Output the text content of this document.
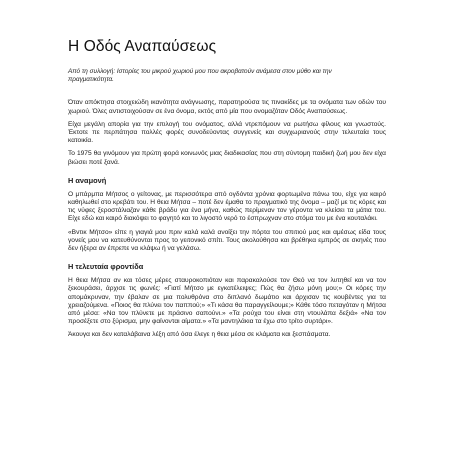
Η Οδός Αναπαύσεως
Από τη συλλογή: Ιστορίες του μικρού χωριού μου που ακροβατούν ανάμεσα στον μύθο και την πραγματικότητα.

Όταν απόκτησα στοιχειώδη ικανότητα ανάγνωσης, παρατηρούσα τις πινακίδες με τα ονόματα των οδών του χωριού. Όλες αντιστοιχούσαν σε ένα όνομα, εκτός από μία που ονομαζόταν Οδός Αναπαύσεως.

Είχα μεγάλη απορία για την επιλογή του ονόματος, αλλά ντρεπόμουν να ρωτήσω φίλους και γνωστούς. Έκτοτε πε περπάτησα πολλές φορές συνοδεύοντας συγγενείς και συγχωριανούς στην τελευταία τους κατοικία.

Το 1975 θα γινόμουν για πρώτη φορά κοινωνός μιας διαδικασίας που στη σύντομη παιδική ζωή μου δεν είχα βιώσει ποτέ ξανά.

Η αναμονή

Ο μπάρμπα Μήτσος ο γείτονας, με περισσότερα από ογδόντα χρόνια φορτωμένα πάνω του, είχε για καιρό καθηλωθεί στο κρεβάτι του. Η θεια Μήτσα – ποτέ δεν έμαθα το πραγματικό της όνομα – μαζί με τις κόρες και τις νύφες ξεροστάλιαζαν κάθε βράδυ για ένα μήνα, καθώς περίμεναν τον γέροντα να κλείσει τα μάτια του. Είχε εδώ και καιρό διακόψει το φαγητό και το λιγοστό νερό το έσπρωχναν στο στόμα του με ένα κουταλάκι.

«Βντικ Μήτσο» είπε η γιαγιά μου πριν καλά καλά ανοίξει την πόρτα του σπιτιού μας και αμέσως είδα τους γονείς μου να κατευθύνονται προς το γειτονικό σπίτι. Τους ακολούθησα και βρέθηκα εμπρός σε σκηνές που δεν ήξερα αν έπρεπε να κλάψω ή να γελάσω.

Η τελευταία φροντίδα

Η θεια Μήτσα αν και τόσες μέρες σταυροκοπιόταν και παρακαλούσε τον Θεό να τον λυτηθεί και να τον ξεκουράσει, άρχισε τις φωνές: «Γιατί Μήτσο με εγκατέλειψες; Πώς θα ζήσω μόνη μου;» Οι κόρες την απομάκρυναν, την έβαλαν σε μια πολυθρόνα στο διπλανό δωμάτιο και άρχισαν τις κουβέντες για τα χρειαζούμενα. «Ποιος θα πλύνει τον παππού;» «Τι κάσα θα παραγγείλουμε;» Κάθε τόσο πεταγόταν η Μήτσα από μέσα: «Να τον πλύνετε με πράσινο σαπούνι.» «Τα ρούχα του είναι στη ντουλάπα δεξιά» «Να τον προσέξετε στο ξύρισμα, μην φαίνονται αίματα.» «Τα μαντηλάκια τα έχω στο τρίτο συρτάρι».

Άκουγα και δεν καταλάβαινα λέξη από όσα έλεγε η θεια μέσα σε κλάματα και ξεσπάσματα.
